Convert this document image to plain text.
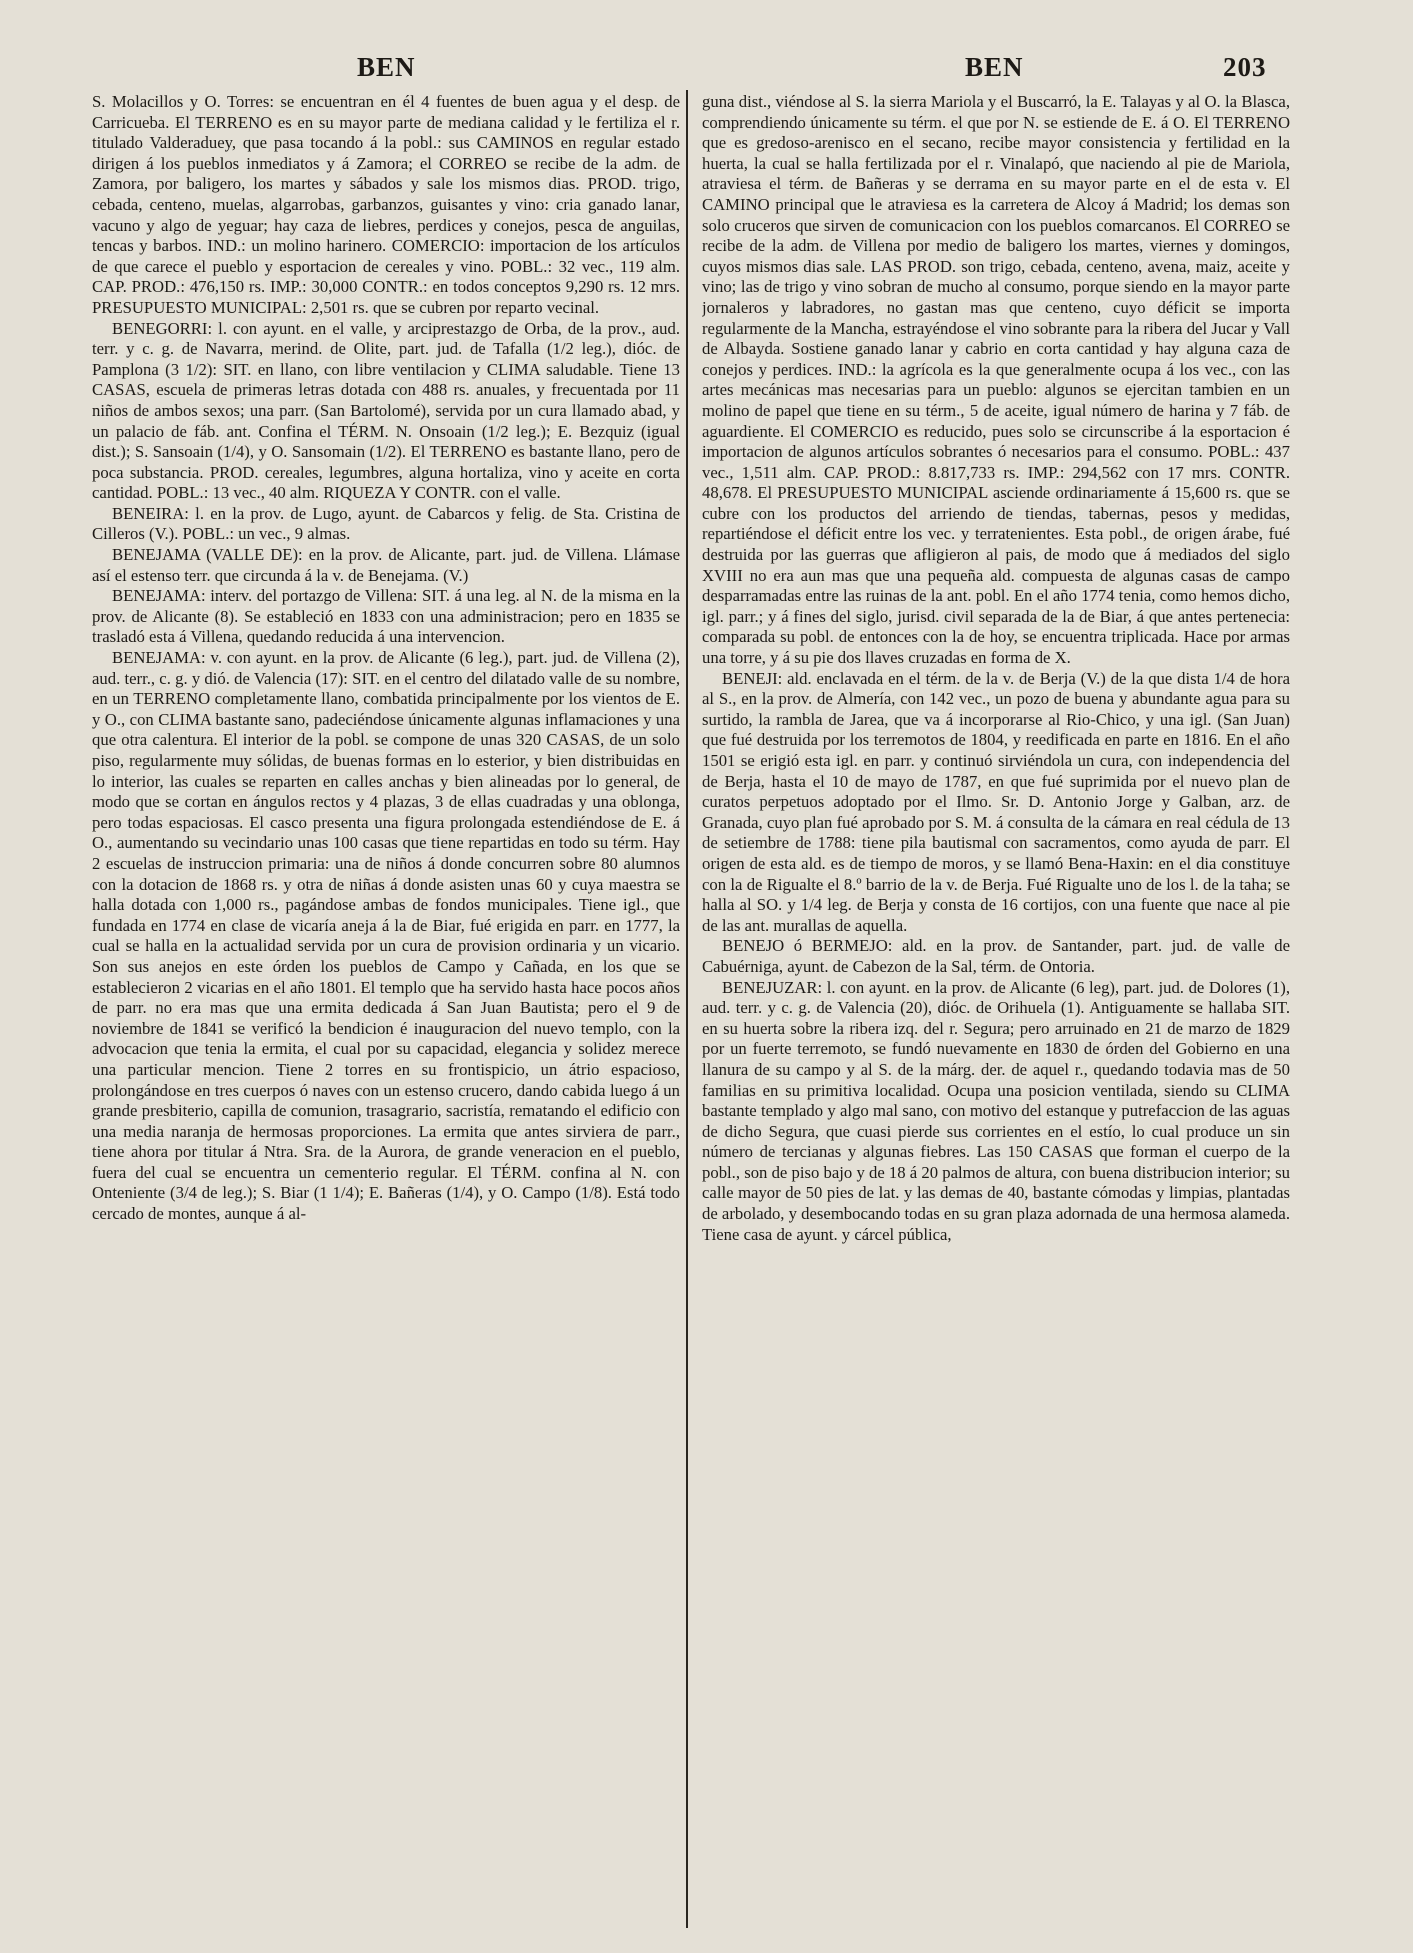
BEN	BEN	203

S. Molacillos y O. Torres: se encuentran en él 4 fuentes de buen agua y el desp. de Carricueba. El TERRENO es en su mayor parte de mediana calidad y le fertiliza el r. titulado Valderaduey, que pasa tocando á la pobl.: sus CAMINOS en regular estado dirigen á los pueblos inmediatos y á Zamora; el CORREO se recibe de la adm. de Zamora, por baligero, los martes y sábados y sale los mismos dias. PROD. trigo, cebada, centeno, muelas, algarrobas, garbanzos, guisantes y vino: cria ganado lanar, vacuno y algo de yeguar; hay caza de liebres, perdices y conejos, pesca de anguilas, tencas y barbos. IND.: un molino harinero. COMERCIO: importacion de los artículos de que carece el pueblo y esportacion de cereales y vino. POBL.: 32 vec., 119 alm. CAP. PROD.: 476,150 rs. IMP.: 30,000 CONTR.: en todos conceptos 9,290 rs. 12 mrs. PRESUPUESTO MUNICIPAL: 2,501 rs. que se cubren por reparto vecinal.

BENEGORRI: l. con ayunt. en el valle, y arciprestazgo de Orba, de la prov., aud. terr. y c. g. de Navarra, merind. de Olite, part. jud. de Tafalla (1/2 leg.), dióc. de Pamplona (3 1/2): SIT. en llano, con libre ventilacion y CLIMA saludable. Tiene 13 CASAS, escuela de primeras letras dotada con 488 rs. anuales, y frecuentada por 11 niños de ambos sexos; una parr. (San Bartolomé), servida por un cura llamado abad, y un palacio de fáb. ant. Confina el TÉRM. N. Onsoain (1/2 leg.); E. Bezquiz (igual dist.); S. Sansoain (1/4), y O. Sansomain (1/2). El TERRENO es bastante llano, pero de poca substancia. PROD. cereales, legumbres, alguna hortaliza, vino y aceite en corta cantidad. POBL.: 13 vec., 40 alm. RIQUEZA Y CONTR. con el valle.

BENEIRA: l. en la prov. de Lugo, ayunt. de Cabarcos y felig. de Sta. Cristina de Cilleros (V.). POBL.: un vec., 9 almas.

BENEJAMA (VALLE DE): en la prov. de Alicante, part. jud. de Villena. Llámase así el estenso terr. que circunda á la v. de Benejama. (V.)

BENEJAMA: interv. del portazgo de Villena: SIT. á una leg. al N. de la misma en la prov. de Alicante (8). Se estableció en 1833 con una administracion; pero en 1835 se trasladó esta á Villena, quedando reducida á una intervencion.

BENEJAMA: v. con ayunt. en la prov. de Alicante (6 leg.), part. jud. de Villena (2), aud. terr., c. g. y dió. de Valencia (17): SIT. en el centro del dilatado valle de su nombre, en un TERRENO completamente llano, combatida principalmente por los vientos de E. y O., con CLIMA bastante sano, padeciéndose únicamente algunas inflamaciones y una que otra calentura. El interior de la pobl. se compone de unas 320 CASAS, de un solo piso, regularmente muy sólidas, de buenas formas en lo esterior, y bien distribuidas en lo interior, las cuales se reparten en calles anchas y bien alineadas por lo general, de modo que se cortan en ángulos rectos y 4 plazas, 3 de ellas cuadradas y una oblonga, pero todas espaciosas. El casco presenta una figura prolongada estendiéndose de E. á O., aumentando su vecindario unas 100 casas que tiene repartidas en todo su térm. Hay 2 escuelas de instruccion primaria: una de niños á donde concurren sobre 80 alumnos con la dotacion de 1868 rs. y otra de niñas á donde asisten unas 60 y cuya maestra se halla dotada con 1,000 rs., pagándose ambas de fondos municipales. Tiene igl., que fundada en 1774 en clase de vicaría aneja á la de Biar, fué erigida en parr. en 1777, la cual se halla en la actualidad servida por un cura de provision ordinaria y un vicario. Son sus anejos en este órden los pueblos de Campo y Cañada, en los que se establecieron 2 vicarias en el año 1801. El templo que ha servido hasta hace pocos años de parr. no era mas que una ermita dedicada á San Juan Bautista; pero el 9 de noviembre de 1841 se verificó la bendicion é inauguracion del nuevo templo, con la advocacion que tenia la ermita, el cual por su capacidad, elegancia y solidez merece una particular mencion. Tiene 2 torres en su frontispicio, un átrio espacioso, prolongándose en tres cuerpos ó naves con un estenso crucero, dando cabida luego á un grande presbiterio, capilla de comunion, trasagrario, sacristía, rematando el edificio con una media naranja de hermosas proporciones. La ermita que antes sirviera de parr., tiene ahora por titular á Ntra. Sra. de la Aurora, de grande veneracion en el pueblo, fuera del cual se encuentra un cementerio regular. El TÉRM. confina al N. con Onteniente (3/4 de leg.); S. Biar (1 1/4); E. Bañeras (1/4), y O. Campo (1/8). Está todo cercado de montes, aunque á al-

guna dist., viéndose al S. la sierra Mariola y el Buscarró, la E. Talayas y al O. la Blasca, comprendiendo únicamente su térm. el que por N. se estiende de E. á O. El TERRENO que es gredoso-arenisco en el secano, recibe mayor consistencia y fertilidad en la huerta, la cual se halla fertilizada por el r. Vinalapó, que naciendo al pie de Mariola, atraviesa el térm. de Bañeras y se derrama en su mayor parte en el de esta v. El CAMINO principal que le atraviesa es la carretera de Alcoy á Madrid; los demas son solo cruceros que sirven de comunicacion con los pueblos comarcanos. El CORREO se recibe de la adm. de Villena por medio de baligero los martes, viernes y domingos, cuyos mismos dias sale. LAS PROD. son trigo, cebada, centeno, avena, maiz, aceite y vino; las de trigo y vino sobran de mucho al consumo, porque siendo en la mayor parte jornaleros y labradores, no gastan mas que centeno, cuyo déficit se importa regularmente de la Mancha, estrayéndose el vino sobrante para la ribera del Jucar y Vall de Albayda. Sostiene ganado lanar y cabrio en corta cantidad y hay alguna caza de conejos y perdices. IND.: la agrícola es la que generalmente ocupa á los vec., con las artes mecánicas mas necesarias para un pueblo: algunos se ejercitan tambien en un molino de papel que tiene en su térm., 5 de aceite, igual número de harina y 7 fáb. de aguardiente. El COMERCIO es reducido, pues solo se circunscribe á la esportacion é importacion de algunos artículos sobrantes ó necesarios para el consumo. POBL.: 437 vec., 1,511 alm. CAP. PROD.: 8.817,733 rs. IMP.: 294,562 con 17 mrs. CONTR. 48,678. El PRESUPUESTO MUNICIPAL asciende ordinariamente á 15,600 rs. que se cubre con los productos del arriendo de tiendas, tabernas, pesos y medidas, repartiéndose el déficit entre los vec. y terratenientes. Esta pobl., de origen árabe, fué destruida por las guerras que afligieron al pais, de modo que á mediados del siglo XVIII no era aun mas que una pequeña ald. compuesta de algunas casas de campo desparramadas entre las ruinas de la ant. pobl. En el año 1774 tenia, como hemos dicho, igl. parr.; y á fines del siglo, jurisd. civil separada de la de Biar, á que antes pertenecia: comparada su pobl. de entonces con la de hoy, se encuentra triplicada. Hace por armas una torre, y á su pie dos llaves cruzadas en forma de X.

BENEJI: ald. enclavada en el térm. de la v. de Berja (V.) de la que dista 1/4 de hora al S., en la prov. de Almería, con 142 vec., un pozo de buena y abundante agua para su surtido, la rambla de Jarea, que va á incorporarse al Rio-Chico, y una igl. (San Juan) que fué destruida por los terremotos de 1804, y reedificada en parte en 1816. En el año 1501 se erigió esta igl. en parr. y continuó sirviéndola un cura, con independencia del de Berja, hasta el 10 de mayo de 1787, en que fué suprimida por el nuevo plan de curatos perpetuos adoptado por el Ilmo. Sr. D. Antonio Jorge y Galban, arz. de Granada, cuyo plan fué aprobado por S. M. á consulta de la cámara en real cédula de 13 de setiembre de 1788: tiene pila bautismal con sacramentos, como ayuda de parr. El origen de esta ald. es de tiempo de moros, y se llamó Bena-Haxin: en el dia constituye con la de Rigualte el 8.º barrio de la v. de Berja. Fué Rigualte uno de los l. de la taha; se halla al SO. y 1/4 leg. de Berja y consta de 16 cortijos, con una fuente que nace al pie de las ant. murallas de aquella.

BENEJO ó BERMEJO: ald. en la prov. de Santander, part. jud. de valle de Cabuérniga, ayunt. de Cabezon de la Sal, térm. de Ontoria.

BENEJUZAR: l. con ayunt. en la prov. de Alicante (6 leg), part. jud. de Dolores (1), aud. terr. y c. g. de Valencia (20), dióc. de Orihuela (1). Antiguamente se hallaba SIT. en su huerta sobre la ribera izq. del r. Segura; pero arruinado en 21 de marzo de 1829 por un fuerte terremoto, se fundó nuevamente en 1830 de órden del Gobierno en una llanura de su campo y al S. de la márg. der. de aquel r., quedando todavia mas de 50 familias en su primitiva localidad. Ocupa una posicion ventilada, siendo su CLIMA bastante templado y algo mal sano, con motivo del estanque y putrefaccion de las aguas de dicho Segura, que cuasi pierde sus corrientes en el estío, lo cual produce un sin número de tercianas y algunas fiebres. Las 150 CASAS que forman el cuerpo de la pobl., son de piso bajo y de 18 á 20 palmos de altura, con buena distribucion interior; su calle mayor de 50 pies de lat. y las demas de 40, bastante cómodas y limpias, plantadas de arbolado, y desembocando todas en su gran plaza adornada de una hermosa alameda. Tiene casa de ayunt. y cárcel pública,
